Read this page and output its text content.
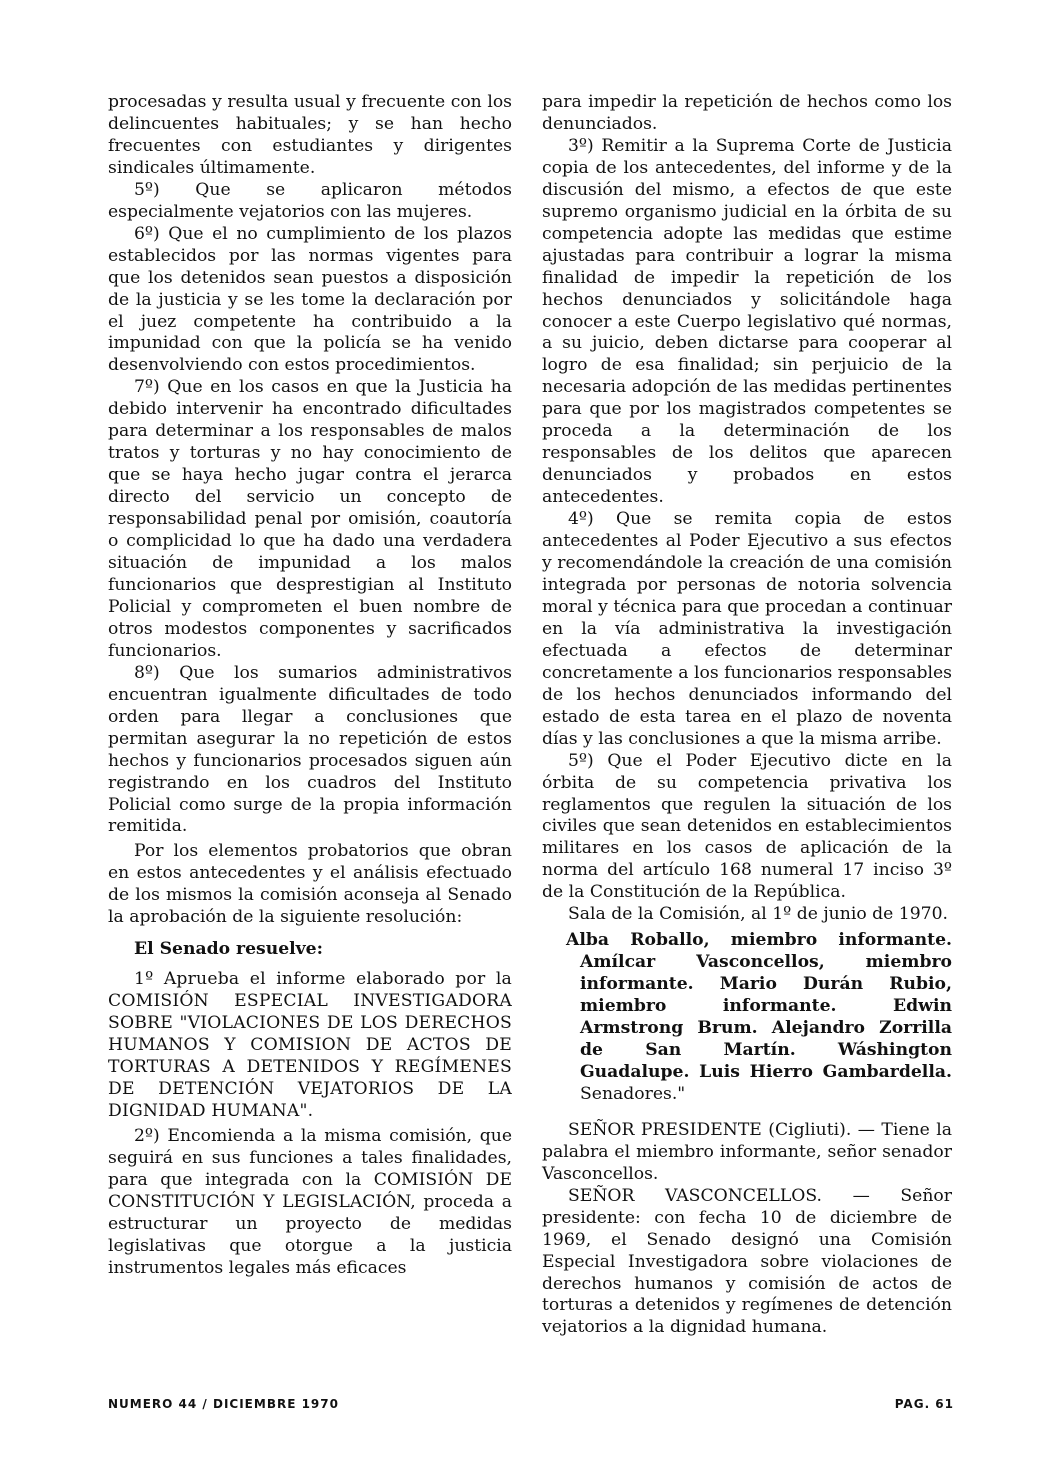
procesadas y resulta usual y frecuente con los delincuentes habituales; y se han hecho frecuentes con estudiantes y dirigentes sindicales últimamente.

5º) Que se aplicaron métodos especialmente vejatorios con las mujeres.

6º) Que el no cumplimiento de los plazos establecidos por las normas vigentes para que los detenidos sean puestos a disposición de la justicia y se les tome la declaración por el juez competente ha contribuido a la impunidad con que la policía se ha venido desenvolviendo con estos procedimientos.

7º) Que en los casos en que la Justicia ha debido intervenir ha encontrado dificultades para determinar a los responsables de malos tratos y torturas y no hay conocimiento de que se haya hecho jugar contra el jerarca directo del servicio un concepto de responsabilidad penal por omisión, coautoría o complicidad lo que ha dado una verdadera situación de impunidad a los malos funcionarios que desprestigian al Instituto Policial y comprometen el buen nombre de otros modestos componentes y sacrificados funcionarios.

8º) Que los sumarios administrativos encuentran igualmente dificultades de todo orden para llegar a conclusiones que permitan asegurar la no repetición de estos hechos y funcionarios procesados siguen aún registrando en los cuadros del Instituto Policial como surge de la propia información remitida.

Por los elementos probatorios que obran en estos antecedentes y el análisis efectuado de los mismos la comisión aconseja al Senado la aprobación de la siguiente resolución:

El Senado resuelve:

1º Aprueba el informe elaborado por la COMISIÓN ESPECIAL INVESTIGADORA SOBRE "VIOLACIONES DE LOS DERECHOS HUMANOS Y COMISION DE ACTOS DE TORTURAS A DETENIDOS Y REGÍMENES DE DETENCIÓN VEJATORIOS DE LA DIGNIDAD HUMANA".

2º) Encomienda a la misma comisión, que seguirá en sus funciones a tales finalidades, para que integrada con la COMISIÓN DE CONSTITUCIÓN Y LEGISLACIÓN, proceda a estructurar un proyecto de medidas legislativas que otorgue a la justicia instrumentos legales más eficaces

para impedir la repetición de hechos como los denunciados.

3º) Remitir a la Suprema Corte de Justicia copia de los antecedentes, del informe y de la discusión del mismo, a efectos de que este supremo organismo judicial en la órbita de su competencia adopte las medidas que estime ajustadas para contribuir a lograr la misma finalidad de impedir la repetición de los hechos denunciados y solicitándole haga conocer a este Cuerpo legislativo qué normas, a su juicio, deben dictarse para cooperar al logro de esa finalidad; sin perjuicio de la necesaria adopción de las medidas pertinentes para que por los magistrados competentes se proceda a la determinación de los responsables de los delitos que aparecen denunciados y probados en estos antecedentes.

4º) Que se remita copia de estos antecedentes al Poder Ejecutivo a sus efectos y recomendándole la creación de una comisión integrada por personas de notoria solvencia moral y técnica para que procedan a continuar en la vía administrativa la investigación efectuada a efectos de determinar concretamente a los funcionarios responsables de los hechos denunciados informando del estado de esta tarea en el plazo de noventa días y las conclusiones a que la misma arribe.

5º) Que el Poder Ejecutivo dicte en la órbita de su competencia privativa los reglamentos que regulen la situación de los civiles que sean detenidos en establecimientos militares en los casos de aplicación de la norma del artículo 168 numeral 17 inciso 3º de la Constitución de la República.

Sala de la Comisión, al 1º de junio de 1970.

Alba Roballo, miembro informante. Amílcar Vasconcellos, miembro informante. Mario Durán Rubio, miembro informante. Edwin Armstrong Brum. Alejandro Zorrilla de San Martín. Wáshington Guadalupe. Luis Hierro Gambardella. Senadores."

SEÑOR PRESIDENTE (Cigliuti). — Tiene la palabra el miembro informante, señor senador Vasconcellos.

SEÑOR VASCONCELLOS. — Señor presidente: con fecha 10 de diciembre de 1969, el Senado designó una Comisión Especial Investigadora sobre violaciones de derechos humanos y comisión de actos de torturas a detenidos y regímenes de detención vejatorios a la dignidad humana.

NUMERO 44 / DICIEMBRE 1970	PAG. 61
